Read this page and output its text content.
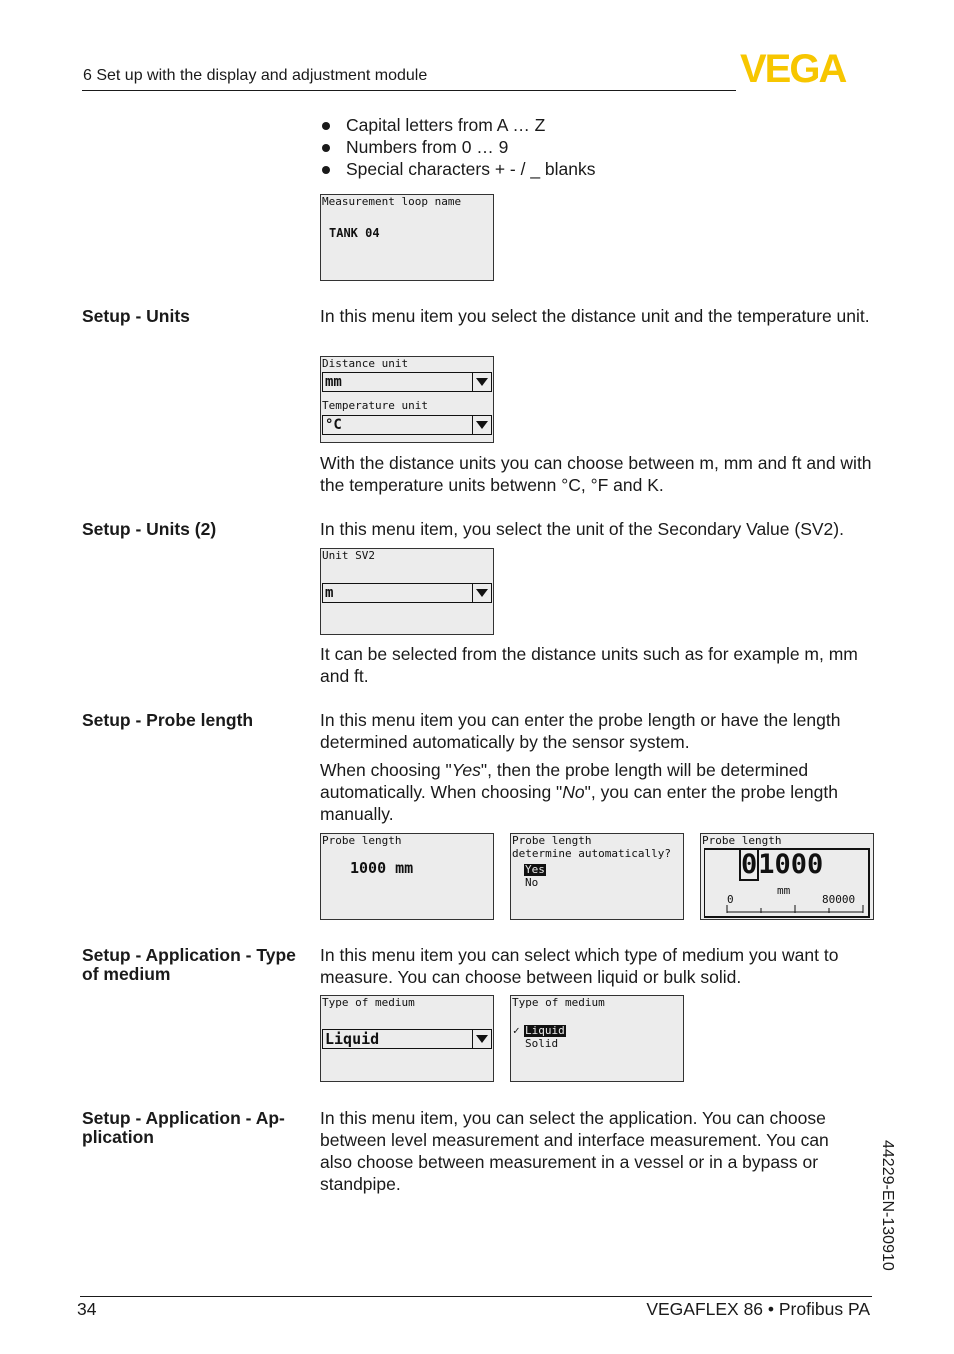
6 Set up with the display and adjustment module	VEGA
Capital letters from A … Z
Numbers from 0 … 9
Special characters + - / _ blanks
Measurement loop name
TANK 04
Setup - Units	In this menu item you select the distance unit and the temperature unit.
Distance unit
mm
Temperature unit
°C
With the distance units you can choose between m, mm and ft and with the temperature units betwenn °C, °F and K.
Setup - Units (2)	In this menu item, you select the unit of the Secondary Value (SV2).
Unit SV2
m
It can be selected from the distance units such as for example m, mm and ft.
Setup - Probe length	In this menu item you can enter the probe length or have the length determined automatically by the sensor system.
When choosing "Yes", then the probe length will be determined automatically. When choosing "No", you can enter the probe length manually.
Probe length
1000 mm
Probe length
determine automatically?
Yes
No
Probe length
01000
mm
0	80000
Setup - Application - Type
of medium
In this menu item you can select which type of medium you want to measure. You can choose between liquid or bulk solid.
Type of medium
Liquid
Type of medium
✓ Liquid
Solid
Setup - Application - Ap-
plication
In this menu item, you can select the application. You can choose between level measurement and interface measurement. You can also choose between measurement in a vessel or in a bypass or standpipe.	44229-EN-130910
34	VEGAFLEX 86 • Profibus PA
